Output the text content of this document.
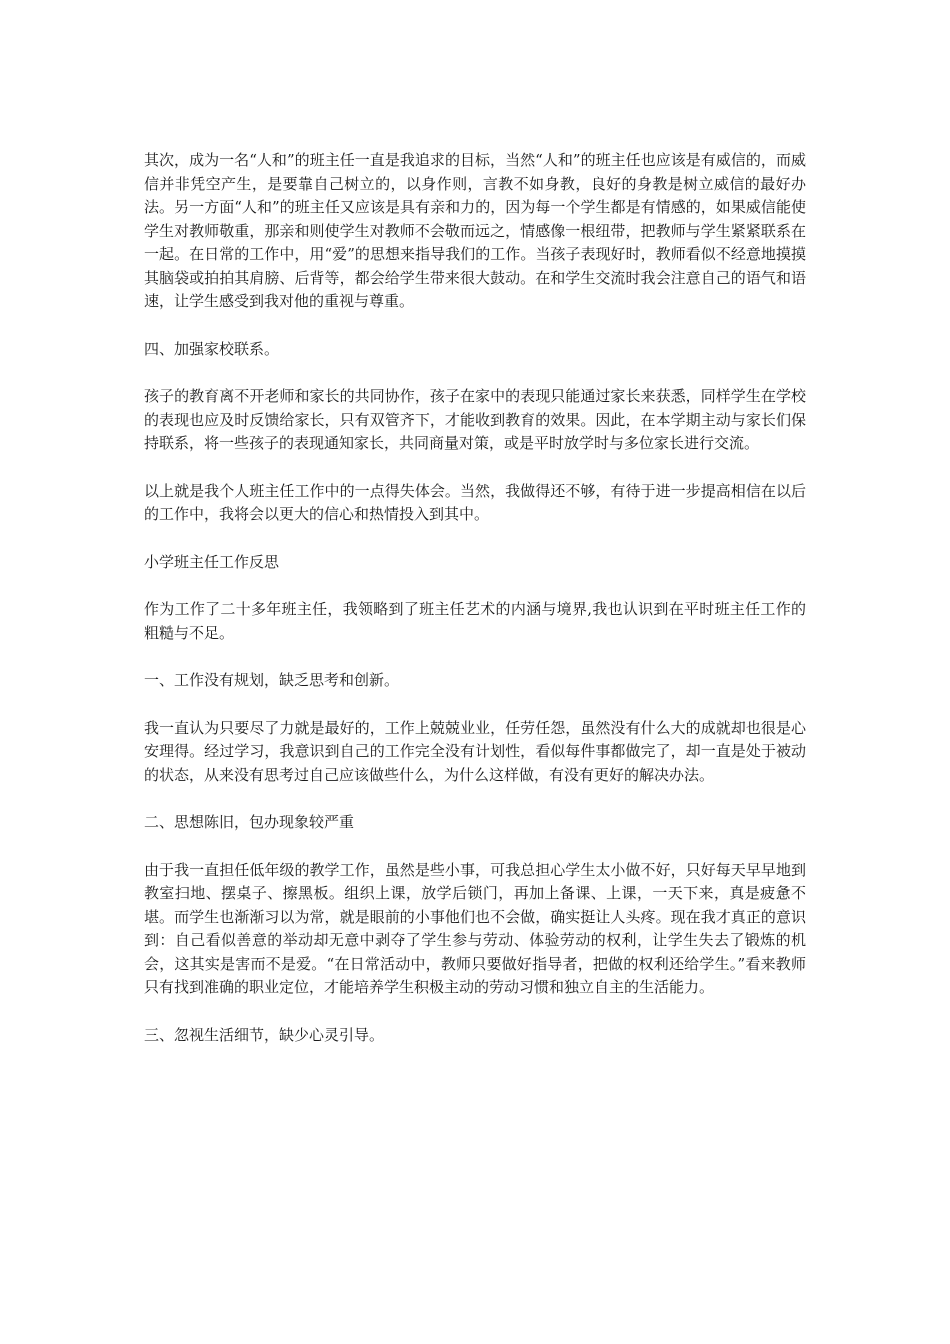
其次，成为一名“人和”的班主任一直是我追求的目标，当然“人和”的班主任也应该是有威信的，而威信并非凭空产生，是要靠自己树立的，以身作则，言教不如身教，良好的身教是树立威信的最好办法。另一方面“人和”的班主任又应该是具有亲和力的，因为每一个学生都是有情感的，如果威信能使学生对教师敬重，那亲和则使学生对教师不会敬而远之，情感像一根纽带，把教师与学生紧紧联系在一起。在日常的工作中，用“爱”的思想来指导我们的工作。当孩子表现好时，教师看似不经意地摸摸其脑袋或拍拍其肩膀、后背等，都会给学生带来很大鼓动。在和学生交流时我会注意自己的语气和语速，让学生感受到我对他的重视与尊重。

四、加强家校联系。

孩子的教育离不开老师和家长的共同协作，孩子在家中的表现只能通过家长来获悉，同样学生在学校的表现也应及时反馈给家长，只有双管齐下，才能收到教育的效果。因此，在本学期主动与家长们保持联系，将一些孩子的表现通知家长，共同商量对策，或是平时放学时与多位家长进行交流。

以上就是我个人班主任工作中的一点得失体会。当然，我做得还不够，有待于进一步提高相信在以后的工作中，我将会以更大的信心和热情投入到其中。

小学班主任工作反思

作为工作了二十多年班主任，我领略到了班主任艺术的内涵与境界,我也认识到在平时班主任工作的粗糙与不足。

一、工作没有规划，缺乏思考和创新。

我一直认为只要尽了力就是最好的，工作上兢兢业业，任劳任怨，虽然没有什么大的成就却也很是心安理得。经过学习，我意识到自己的工作完全没有计划性，看似每件事都做完了，却一直是处于被动的状态，从来没有思考过自己应该做些什么，为什么这样做，有没有更好的解决办法。

二、思想陈旧，包办现象较严重

由于我一直担任低年级的教学工作，虽然是些小事，可我总担心学生太小做不好，只好每天早早地到教室扫地、摆桌子、擦黑板。组织上课，放学后锁门，再加上备课、上课，一天下来，真是疲惫不堪。而学生也渐渐习以为常，就是眼前的小事他们也不会做，确实挺让人头疼。现在我才真正的意识到：自己看似善意的举动却无意中剥夺了学生参与劳动、体验劳动的权利，让学生失去了锻炼的机会，这其实是害而不是爱。“在日常活动中，教师只要做好指导者，把做的权利还给学生。”看来教师只有找到准确的职业定位，才能培养学生积极主动的劳动习惯和独立自主的生活能力。

三、忽视生活细节，缺少心灵引导。
